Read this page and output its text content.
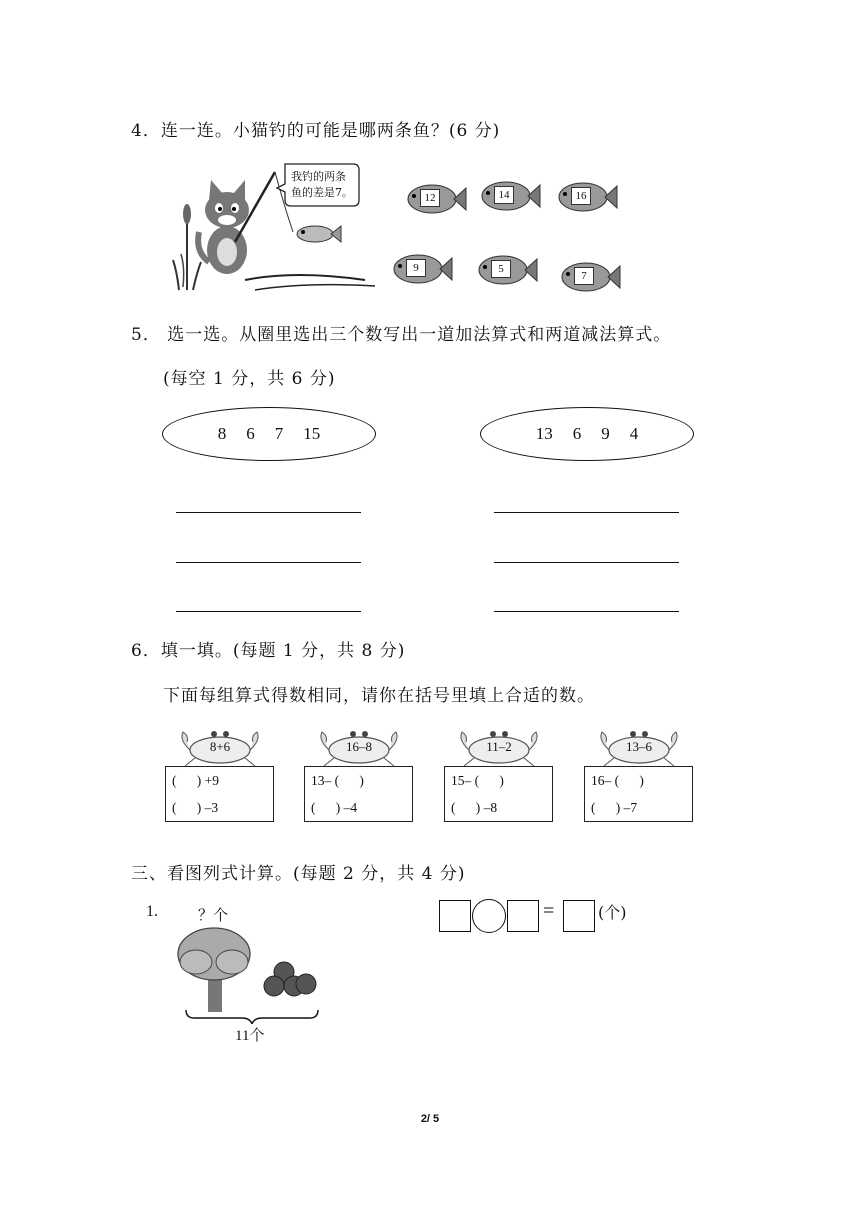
4．连一连。小猫钓的可能是哪两条鱼？(6 分)
我钓的两条
鱼的差是7。	12	14	16
9	5
7
5． 选一选。从圈里选出三个数写出一道加法算式和两道减法算式。
(每空 1 分，共 6 分)
8 6 7 15	13 6 9 4
6．填一填。(每题 1 分，共 8 分)
下面每组算式得数相同，请你在括号里填上合适的数。
8+6
(      ) +9
(      ) –3
16–8
13– (      )
(      ) –4
11–2
15– (      )
(      ) –8
13–6
16– (      )
(      ) –7
三、看图列式计算。(每题 2 分，共 4 分)
1.	？个
11个
=	(个)
2/ 5
